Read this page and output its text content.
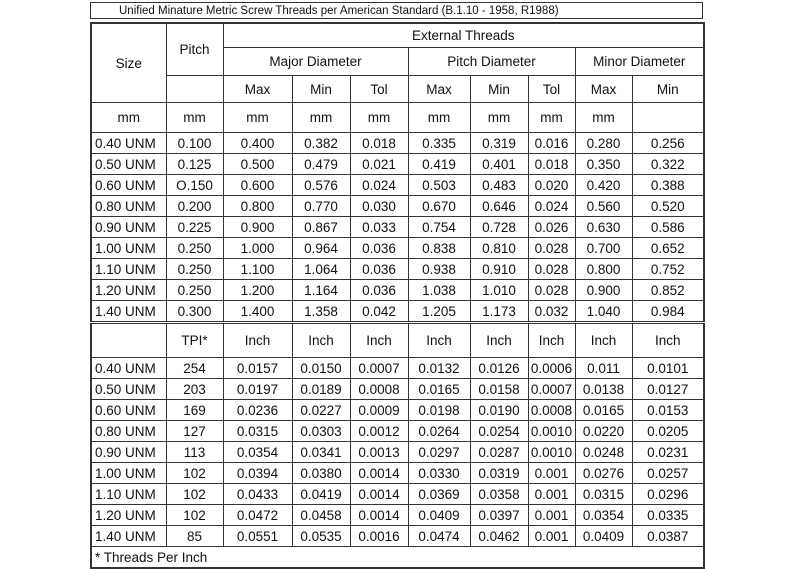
Unified Minature Metric Screw Threads per American Standard (B.1.10 - 1958, R1988)
Size	Pitch	External Threads							
		Major Diameter			Pitch Diameter			Minor Diameter	
		Max	Min	Tol	Max	Min	Tol	Max	Min
mm	mm	mm	mm	mm	mm	mm	mm	mm	
0.40 UNM	0.100	0.400	0.382	0.018	0.335	0.319	0.016	0.280	0.256
0.50 UNM	0.125	0.500	0.479	0.021	0.419	0.401	0.018	0.350	0.322
0.60 UNM	O.150	0.600	0.576	0.024	0.503	0.483	0.020	0.420	0.388
0.80 UNM	0.200	0.800	0.770	0.030	0.670	0.646	0.024	0.560	0.520
0.90 UNM	0.225	0.900	0.867	0.033	0.754	0.728	0.026	0.630	0.586
1.00 UNM	0.250	1.000	0.964	0.036	0.838	0.810	0.028	0.700	0.652
1.10 UNM	0.250	1.100	1.064	0.036	0.938	0.910	0.028	0.800	0.752
1.20 UNM	0.250	1.200	1.164	0.036	1.038	1.010	0.028	0.900	0.852
1.40 UNM	0.300	1.400	1.358	0.042	1.205	1.173	0.032	1.040	0.984
	TPI*	Inch	Inch	Inch	Inch	Inch	Inch	Inch	Inch
0.40 UNM	254	0.0157	0.0150	0.0007	0.0132	0.0126	0.0006	0.011	0.0101
0.50 UNM	203	0.0197	0.0189	0.0008	0.0165	0.0158	0.0007	0.0138	0.0127
0.60 UNM	169	0.0236	0.0227	0.0009	0.0198	0.0190	0.0008	0.0165	0.0153
0.80 UNM	127	0.0315	0.0303	0.0012	0.0264	0.0254	0.0010	0.0220	0.0205
0.90 UNM	113	0.0354	0.0341	0.0013	0.0297	0.0287	0.0010	0.0248	0.0231
1.00 UNM	102	0.0394	0.0380	0.0014	0.0330	0.0319	0.001	0.0276	0.0257
1.10 UNM	102	0.0433	0.0419	0.0014	0.0369	0.0358	0.001	0.0315	0.0296
1.20 UNM	102	0.0472	0.0458	0.0014	0.0409	0.0397	0.001	0.0354	0.0335
1.40 UNM	85	0.0551	0.0535	0.0016	0.0474	0.0462	0.001	0.0409	0.0387
* Threads Per Inch									
